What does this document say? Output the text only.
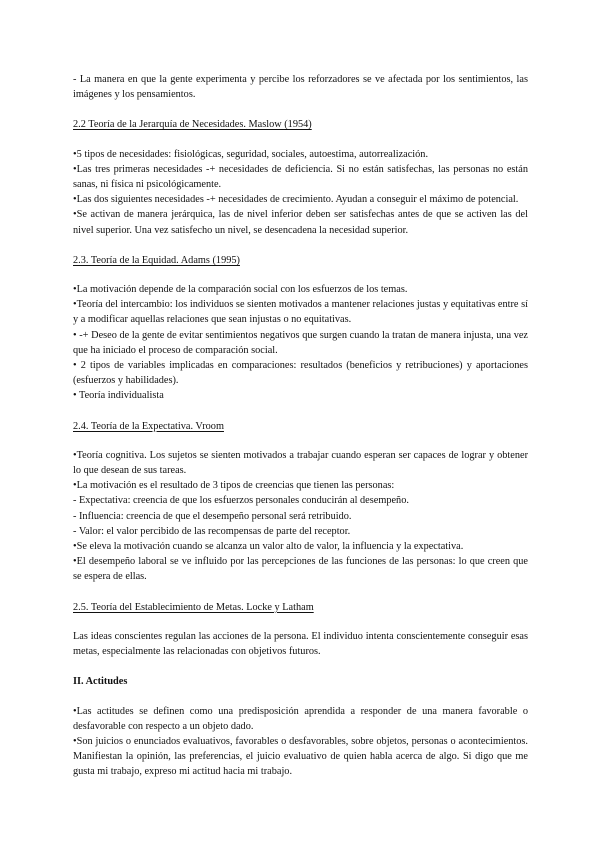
- La manera en que la gente experimenta y percibe los reforzadores se ve afectada por los sentimientos, las imágenes y los pensamientos.

2.2 Teoría de la Jerarquía de Necesidades. Maslow (1954)

•5 tipos de necesidades: fisiológicas, seguridad, sociales, autoestima, autorrealización.

•Las tres primeras necesidades -+ necesidades de deficiencia. Si no están satisfechas, las personas no están sanas, ni física ni psicológicamente.

•Las dos siguientes necesidades -+ necesidades de crecimiento. Ayudan a conseguir el máximo de potencial.

•Se activan de manera jerárquica, las de nivel inferior deben ser satisfechas antes de que se activen las del nivel superior. Una vez satisfecho un nivel, se desencadena la necesidad superior.

2.3. Teoría de la Equidad. Adams (1995)

•La motivación depende de la comparación social con los esfuerzos de los temas.

•Teoría del intercambio: los individuos se sienten motivados a mantener relaciones justas y equitativas entre sí y a modificar aquellas relaciones que sean injustas o no equitativas.

• -+ Deseo de la gente de evitar sentimientos negativos que surgen cuando la tratan de manera injusta, una vez que ha iniciado el proceso de comparación social.

• 2 tipos de variables implicadas en comparaciones: resultados (beneficios y retribuciones) y aportaciones (esfuerzos y habilidades).

• Teoría individualista

2.4. Teoría de la Expectativa. Vroom

•Teoría cognitiva. Los sujetos se sienten motivados a trabajar cuando esperan ser capaces de lograr y obtener lo que desean de sus tareas.

•La motivación es el resultado de 3 tipos de creencias que tienen las personas:

- Expectativa: creencia de que los esfuerzos personales conducirán al desempeño.

- Influencia: creencia de que el desempeño personal será retribuido.

- Valor: el valor percibido de las recompensas de parte del receptor.

•Se eleva la motivación cuando se alcanza un valor alto de valor, la influencia y la expectativa.

•El desempeño laboral se ve influido por las percepciones de las funciones de las personas: lo que creen que se espera de ellas.

2.5. Teoría del Establecimiento de Metas. Locke y Latham

Las ideas conscientes regulan las acciones de la persona. El individuo intenta conscientemente conseguir esas metas, especialmente las relacionadas con objetivos futuros.

II. Actitudes

•Las actitudes se definen como una predisposición aprendida a responder de una manera favorable o desfavorable con respecto a un objeto dado.

•Son juicios o enunciados evaluativos, favorables o desfavorables, sobre objetos, personas o acontecimientos. Manifiestan la opinión, las preferencias, el juicio evaluativo de quien habla acerca de algo. Si digo que me gusta mi trabajo, expreso mi actitud hacia mi trabajo.
